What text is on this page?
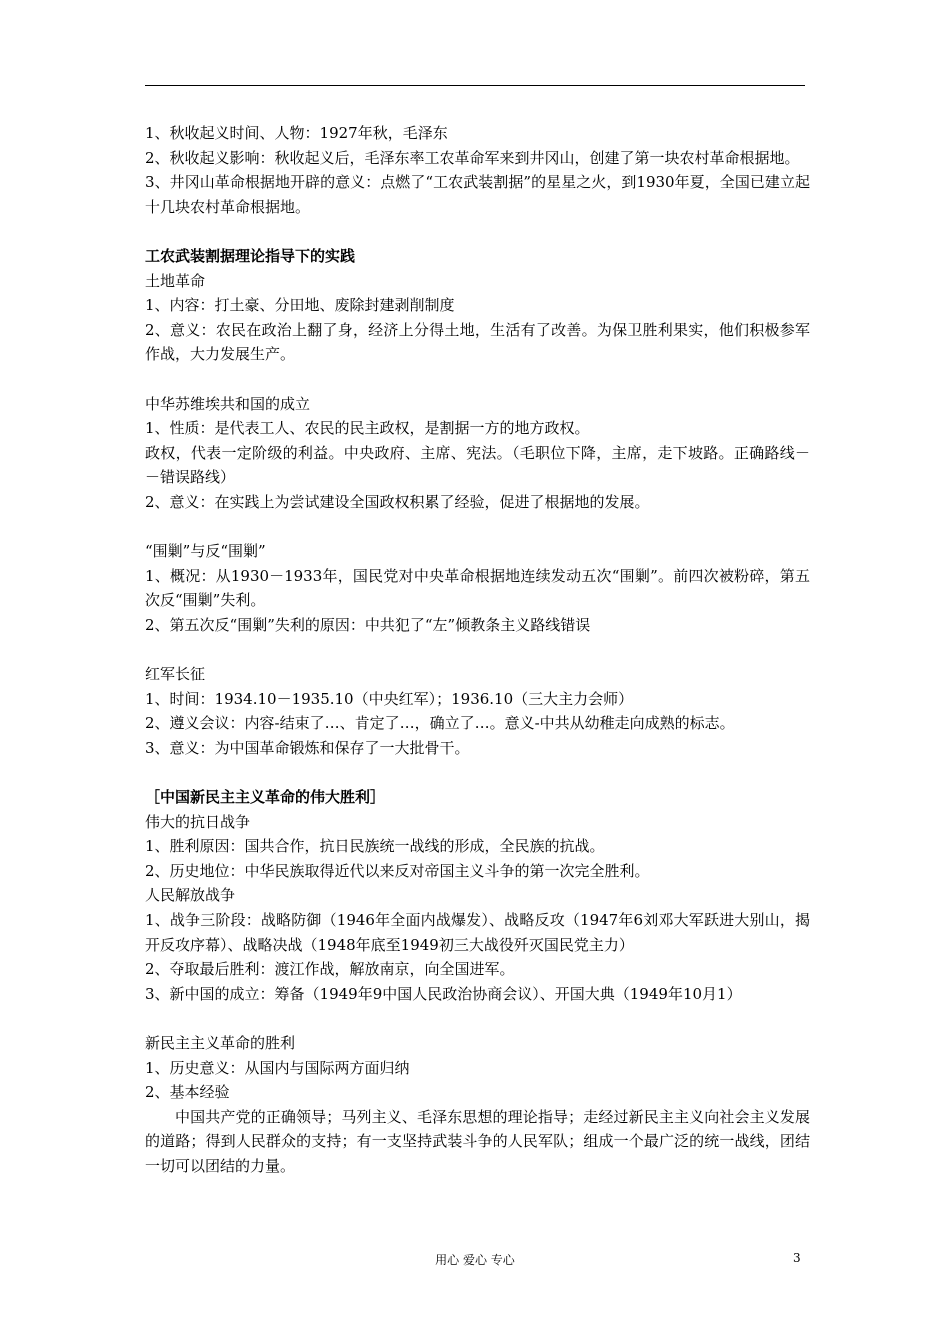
1、秋收起义时间、人物：1927年秋，毛泽东

2、秋收起义影响：秋收起义后，毛泽东率工农革命军来到井冈山，创建了第一块农村革命根据地。

3、井冈山革命根据地开辟的意义：点燃了“工农武装割据”的星星之火，到1930年夏，全国已建立起十几块农村革命根据地。

工农武装割据理论指导下的实践

土地革命

1、内容：打土豪、分田地、废除封建剥削制度

2、意义：农民在政治上翻了身，经济上分得土地，生活有了改善。为保卫胜利果实，他们积极参军作战，大力发展生产。

中华苏维埃共和国的成立

1、性质：是代表工人、农民的民主政权，是割据一方的地方政权。

政权，代表一定阶级的利益。中央政府、主席、宪法。（毛职位下降，主席，走下坡路。正确路线－－错误路线）

2、意义：在实践上为尝试建设全国政权积累了经验，促进了根据地的发展。

“围剿”与反“围剿”

1、概况：从1930－1933年，国民党对中央革命根据地连续发动五次“围剿”。前四次被粉碎，第五次反“围剿”失利。

2、第五次反“围剿”失利的原因：中共犯了“左”倾教条主义路线错误

红军长征

1、时间：1934.10－1935.10（中央红军）；1936.10（三大主力会师）

2、遵义会议：内容-结束了…、肯定了…，确立了…。意义-中共从幼稚走向成熟的标志。

3、意义：为中国革命锻炼和保存了一大批骨干。

［中国新民主主义革命的伟大胜利］

伟大的抗日战争

1、胜利原因：国共合作，抗日民族统一战线的形成，全民族的抗战。

2、历史地位：中华民族取得近代以来反对帝国主义斗争的第一次完全胜利。

人民解放战争

1、战争三阶段：战略防御（1946年全面内战爆发）、战略反攻（1947年6刘邓大军跃进大别山，揭开反攻序幕）、战略决战（1948年底至1949初三大战役歼灭国民党主力）

2、夺取最后胜利：渡江作战，解放南京，向全国进军。

3、新中国的成立：筹备（1949年9中国人民政治协商会议）、开国大典（1949年10月1）

新民主主义革命的胜利

1、历史意义：从国内与国际两方面归纳

2、基本经验

中国共产党的正确领导；马列主义、毛泽东思想的理论指导；走经过新民主主义向社会主义发展的道路；得到人民群众的支持；有一支坚持武装斗争的人民军队；组成一个最广泛的统一战线，团结一切可以团结的力量。

用心 爱心 专心	3
